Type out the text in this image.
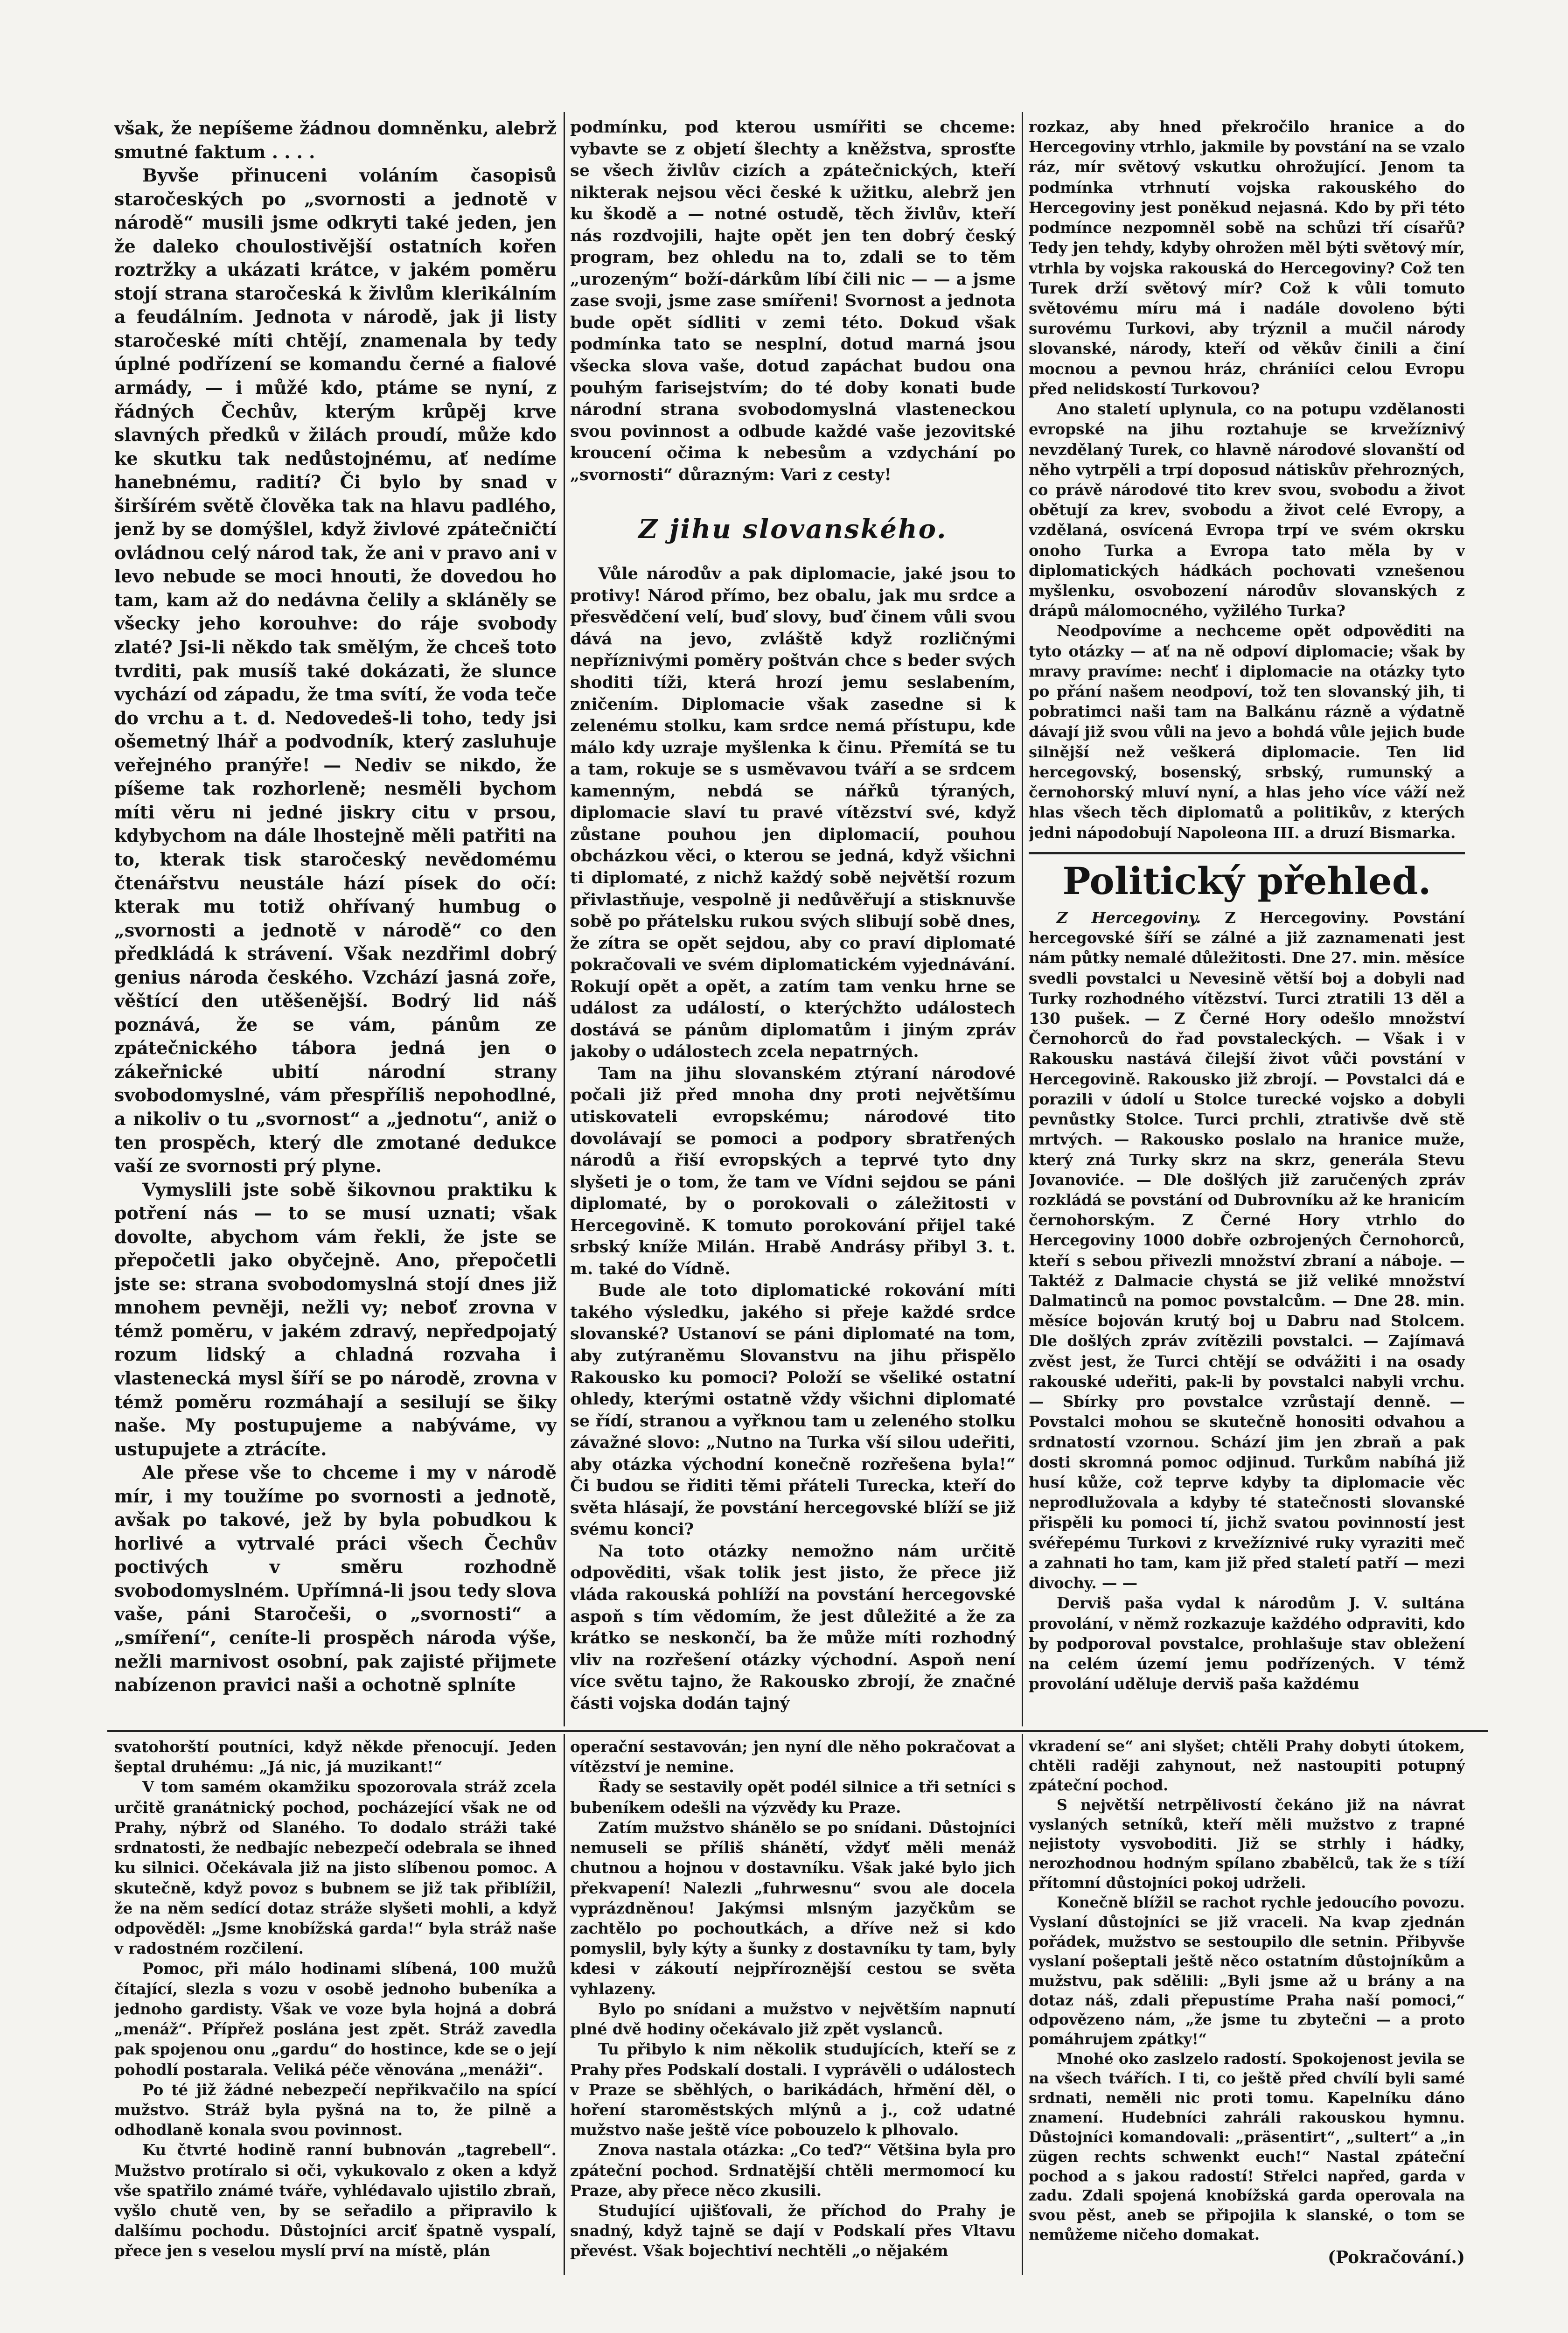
však, že nepíšeme žádnou domněnku, alebrž smutné faktum . . . .

Byvše přinuceni voláním časopisů staročeských po „svornosti a jednotě v národě“ musili jsme odkryti také jeden, jen že daleko choulostivější ostatních kořen roztržky a ukázati krátce, v jakém poměru stojí strana staročeská k živlům klerikálním a feudálním. Jednota v národě, jak ji listy staročeské míti chtějí, znamenala by tedy úplné podřízení se komandu černé a fialové armády, — i můžé kdo, ptáme se nyní, z řádných Čechův, kterým krůpěj krve slavných předků v žilách proudí, může kdo ke skutku tak nedůstojnému, ať nedíme hanebnému, radití? Či bylo by snad v širšírém světě člověka tak na hlavu padlého, jenž by se domýšlel, když živlové zpátečničtí ovládnou celý národ tak, že ani v pravo ani v levo nebude se moci hnouti, že dovedou ho tam, kam až do nedávna čelily a skláněly se všecky jeho korouhve: do ráje svobody zlaté? Jsi-li někdo tak smělým, že chceš toto tvrditi, pak musíš také dokázati, že slunce vychází od západu, že tma svítí, že voda teče do vrchu a t. d. Nedovedeš-li toho, tedy jsi ošemetný lhář a podvodník, který zasluhuje veřejného pranýře! — Nediv se nikdo, že píšeme tak rozhorleně; nesměli bychom míti věru ni jedné jiskry citu v prsou, kdybychom na dále lhostejně měli patřiti na to, kterak tisk staročeský nevědomému čtenářstvu neustále hází písek do očí: kterak mu totiž ohřívaný humbug o „svornosti a jednotě v národě“ co den předkládá k strávení. Však nezdřiml dobrý genius národa českého. Vzchází jasná zoře, věštící den utěšenější. Bodrý lid náš poznává, že se vám, pánům ze zpátečnického tábora jedná jen o zákeřnické ubití národní strany svobodomyslné, vám přespříliš nepohodlné, a nikoliv o tu „svornost“ a „jednotu“, aniž o ten prospěch, který dle zmotané dedukce vaší ze svornosti prý plyne.

Vymyslili jste sobě šikovnou praktiku k potření nás — to se musí uznati; však dovolte, abychom vám řekli, že jste se přepočetli jako obyčejně. Ano, přepočetli jste se: strana svobodomyslná stojí dnes již mnohem pevněji, nežli vy; neboť zrovna v témž poměru, v jakém zdravý, nepředpojatý rozum lidský a chladná rozvaha i vlastenecká mysl šíří se po národě, zrovna v témž poměru rozmáhají a sesilují se šiky naše. My postupujeme a nabýváme, vy ustupujete a ztrácíte.

Ale přese vše to chceme i my v národě mír, i my toužíme po svornosti a jednotě, avšak po takové, jež by byla pobudkou k horlivé a vytrvalé práci všech Čechův poctivých v směru rozhodně svobodomyslném. Upřímná-li jsou tedy slova vaše, páni Staročeši, o „svornosti“ a „smíření“, ceníte-li prospěch národa výše, nežli marnivost osobní, pak zajisté přijmete nabízenon pravici naši a ochotně splníte

podmínku, pod kterou usmířiti se chceme: vybavte se z objetí šlechty a kněžstva, sprosťte se všech živlův cizích a zpátečnických, kteří nikterak nejsou věci české k užitku, alebrž jen ku škodě a — notné ostudě, těch živlův, kteří nás rozdvojili, hajte opět jen ten dobrý český program, bez ohledu na to, zdali se to těm „urozeným“ boží-dárkům líbí čili nic — — a jsme zase svoji, jsme zase smířeni! Svornost a jednota bude opět sídliti v zemi této. Dokud však podmínka tato se nesplní, dotud marná jsou všecka slova vaše, dotud zapáchat budou ona pouhým farisejstvím; do té doby konati bude národní strana svobodomyslná vlasteneckou svou povinnost a odbude každé vaše jezovitské kroucení očima k nebesům a vzdychání po „svornosti“ důrazným: Vari z cesty!

Z jihu slovanského.

Vůle národův a pak diplomacie, jaké jsou to protivy! Národ přímo, bez obalu, jak mu srdce a přesvědčení velí, buď slovy, buď činem vůli svou dává na jevo, zvláště když rozličnými nepříznivými poměry poštván chce s beder svých shoditi tíži, která hrozí jemu seslabením, zničením. Diplomacie však zasedne si k zelenému stolku, kam srdce nemá přístupu, kde málo kdy uzraje myšlenka k činu. Přemítá se tu a tam, rokuje se s usměvavou tváří a se srdcem kamenným, nebdá se nářků týraných, diplomacie slaví tu pravé vítězství své, když zůstane pouhou jen diplomacií, pouhou obcházkou věci, o kterou se jedná, když všichni ti diplomaté, z nichž každý sobě největší rozum přivlastňuje, vespolně ji nedůvěřují a stisknuvše sobě po přátelsku rukou svých slibují sobě dnes, že zítra se opět sejdou, aby co praví diplomaté pokračovali ve svém diplomatickém vyjednávání. Rokují opět a opět, a zatím tam venku hrne se událost za událostí, o kterýchžto událostech dostává se pánům diplomatům i jiným zpráv jakoby o událostech zcela nepatrných.

Tam na jihu slovanském ztýraní národové počali již před mnoha dny proti největšímu utiskovateli evropskému; národové tito dovolávají se pomoci a podpory sbratřených národů a řiší evropských a teprvé tyto dny slyšeti je o tom, že tam ve Vídni sejdou se páni diplomaté, by o porokovali o záležitosti v Hercegovině. K tomuto porokování přijel také srbský kníže Milán. Hrabě Andrásy přibyl 3. t. m. také do Vídně.

Bude ale toto diplomatické rokování míti takého výsledku, jakého si přeje každé srdce slovanské? Ustanoví se páni diplomaté na tom, aby zutýraněmu Slovanstvu na jihu přispělo Rakousko ku pomoci? Položí se všeliké ostatní ohledy, kterými ostatně vždy všichni diplomaté se řídí, stranou a vyřknou tam u zeleného stolku závažné slovo: „Nutno na Turka vší silou udeřiti, aby otázka východní konečně rozřešena byla!“ Či budou se řiditi těmi přáteli Turecka, kteří do světa hlásají, že povstání hercegovské blíží se již svému konci?

Na toto otázky nemožno nám určitě odpověditi, však tolik jest jisto, že přece již vláda rakouská pohlíží na povstání hercegovské aspoň s tím vědomím, že jest důležité a že za krátko se neskončí, ba že může míti rozhodný vliv na rozřešení otázky východní. Aspoň není více světu tajno, že Rakousko zbrojí, že značné části vojska dodán tajný

rozkaz, aby hned překročilo hranice a do Hercegoviny vtrhlo, jakmile by povstání na se vzalo ráz, mír světový vskutku ohrožující. Jenom ta podmínka vtrhnutí vojska rakouského do Hercegoviny jest poněkud nejasná. Kdo by při této podmínce nezpomněl sobě na schůzi tří císařů? Tedy jen tehdy, kdyby ohrožen měl býti světový mír, vtrhla by vojska rakouská do Hercegoviny? Což ten Turek drží světový mír? Což k vůli tomuto světovému míru má i nadále dovoleno býti surovému Turkovi, aby trýznil a mučil národy slovanské, národy, kteří od věkův činili a činí mocnou a pevnou hráz, chrániíci celou Evropu před nelidskostí Turkovou?

Ano staletí uplynula, co na potupu vzdělanosti evropské na jihu roztahuje se krvežíznivý nevzdělaný Turek, co hlavně národové slovanští od něho vytrpěli a trpí doposud nátiskův přehrozných, co právě národové tito krev svou, svobodu a život obětují za krev, svobodu a život celé Evropy, a vzdělaná, osvícená Evropa trpí ve svém okrsku onoho Turka a Evropa tato měla by v diplomatických hádkách pochovati vznešenou myšlenku, osvobození národův slovanských z drápů málomocného, vyžilého Turka?

Neodpovíme a nechceme opět odpověditi na tyto otázky — ať na ně odpoví diplomacie; však by mravy pravíme: nechť i diplomacie na otázky tyto po přání našem neodpoví, tož ten slovanský jih, ti pobratimci naši tam na Balkánu rázně a výdatně dávají již svou vůli na jevo a bohdá vůle jejich bude silnější než veškerá diplomacie. Ten lid hercegovský, bosenský, srbský, rumunský a černohorský mluví nyní, a hlas jeho více váží než hlas všech těch diplomatů a politikův, z kterých jedni nápodobují Napoleona III. a druzí Bismarka.

Politický přehled.

Z Hercegoviny. Z Hercegoviny. Povstání hercegovské šíří se zálné a již zaznamenati jest nám půtky nemalé důležitosti. Dne 27. min. měsíce svedli povstalci u Nevesině větší boj a dobyli nad Turky rozhodného vítězství. Turci ztratili 13 děl a 130 pušek. — Z Černé Hory odešlo množství Černohorců do řad povstaleckých. — Však i v Rakousku nastává čilejší život vůči povstání v Hercegovině. Rakousko již zbrojí. — Povstalci dá e porazili v údolí u Stolce turecké vojsko a dobyli pevnůstky Stolce. Turci prchli, ztrativše dvě stě mrtvých. — Rakousko poslalo na hranice muže, který zná Turky skrz na skrz, generála Stevu Jovanoviće. — Dle došlých již zaručených zpráv rozkládá se povstání od Dubrovníku až ke hranicím černohorským. Z Černé Hory vtrhlo do Hercegoviny 1000 dobře ozbrojených Černohorců, kteří s sebou přivezli množství zbraní a náboje. — Taktéž z Dalmacie chystá se již veliké množství Dalmatinců na pomoc povstalcům. — Dne 28. min. měsíce bojován krutý boj u Dabru nad Stolcem. Dle došlých zpráv zvítězili povstalci. — Zajímavá zvěst jest, že Turci chtějí se odvážiti i na osady rakouské udeřiti, pak-li by povstalci nabyli vrchu. — Sbírky pro povstalce vzrůstají denně. — Povstalci mohou se skutečně honositi odvahou a srdnatostí vzornou. Schází jim jen zbraň a pak dosti skromná pomoc odjinud. Turkům nabíhá již husí kůže, což teprve kdyby ta diplomacie věc neprodlužovala a kdyby té statečnosti slovanské přispěli ku pomoci tí, jichž svatou povinností jest svéřepému Turkovi z krvežíznivé ruky vyraziti meč a zahnati ho tam, kam již před staletí patří — mezi divochy. — —

Derviš paša vydal k národům J. V. sultána provolání, v němž rozkazuje každého odpraviti, kdo by podporoval povstalce, prohlašuje stav obležení na celém území jemu podřízených. V témž provolání uděluje derviš paša každému

svatohorští poutníci, když někde přenocují. Jeden šeptal druhému: „Já nic, já muzikant!“

V tom samém okamžiku spozorovala stráž zcela určitě granátnický pochod, pocházející však ne od Prahy, nýbrž od Slaného. To dodalo stráži také srdnatosti, že nedbajíc nebezpečí odebrala se ihned ku silnici. Očekávala již na jisto slíbenou pomoc. A skutečně, když povoz s bubnem se již tak přiblížil, že na něm sedící dotaz stráže slyšeti mohli, a když odpověděl: „Jsme knobížská garda!“ byla stráž naše v radostném rozčilení.

Pomoc, při málo hodinami slíbená, 100 mužů čítající, slezla s vozu v osobě jednoho bubeníka a jednoho gardisty. Však ve voze byla hojná a dobrá „menáž“. Přípřež poslána jest zpět. Stráž zavedla pak spojenou onu „gardu“ do hostince, kde se o její pohodlí postarala. Veliká péče věnována „menáži“.

Po té již žádné nebezpečí nepřikvačilo na spící mužstvo. Stráž byla pyšná na to, že pilně a odhodlaně konala svou povinnost.

Ku čtvrté hodině ranní bubnován „tagrebell“. Mužstvo protíralo si oči, vykukovalo z oken a když vše spatřilo známé tváře, vyhlédavalo ujistilo zbraň, vyšlo chutě ven, by se seřadilo a připravilo k dalšímu pochodu. Důstojníci arciť špatně vyspalí, přece jen s veselou myslí prví na místě, plán

operační sestavován; jen nyní dle něho pokračovat a vítězství je nemine.

Řady se sestavily opět podél silnice a tři setníci s bubeníkem odešli na výzvědy ku Praze.

Zatím mužstvo shánělo se po snídani. Důstojníci nemuseli se příliš shánětí, vždyť měli menáž chutnou a hojnou v dostavníku. Však jaké bylo jich překvapení! Nalezli „fuhrwesnu“ svou ale docela vyprázdněnou! Jakýmsi mlsným jazyčkům se zachtělo po pochoutkách, a dříve než si kdo pomyslil, byly kýty a šunky z dostavníku ty tam, byly kdesi v zákoutí nejpříroznější cestou se světa vyhlazeny.

Bylo po snídani a mužstvo v největším napnutí plné dvě hodiny očekávalo již zpět vyslanců.

Tu přibylo k nim několik studujících, kteří se z Prahy přes Podskalí dostali. I vyprávěli o událostech v Praze se sběhlých, o barikádách, hřmění děl, o hoření staroměstských mlýnů a j., což udatné mužstvo naše ještě více pobouzelo k plhovalo.

Znova nastala otázka: „Co teď?“ Většina byla pro zpáteční pochod. Srdnatější chtěli mermomocí ku Praze, aby přece něco zkusili.

Studující ujišťovali, že příchod do Prahy je snadný, když tajně se dají v Podskalí přes Vltavu převést. Však bojechtiví nechtěli „o nějakém

vkradení se“ ani slyšet; chtěli Prahy dobyti útokem, chtěli raději zahynout, než nastoupiti potupný zpáteční pochod.

S největší netrpělivostí čekáno již na návrat vyslaných setníků, kteří měli mužstvo z trapné nejistoty vysvoboditi. Již se strhly i hádky, nerozhodnou hodným spílano zbabělců, tak že s tíží přítomní důstojníci pokoj udrželi.

Konečně blížil se rachot rychle jedoucího povozu. Vyslaní důstojníci se již vraceli. Na kvap zjednán pořádek, mužstvo se sestoupilo dle setnin. Přibyvše vyslaní pošeptali ještě něco ostatním důstojníkům a mužstvu, pak sdělili: „Byli jsme až u brány a na dotaz náš, zdali přepustíme Praha naší pomoci,“ odpovězeno nám, „že jsme tu zbytečni — a proto pomáhrujem zpátky!“

Mnohé oko zaslzelo radostí. Spokojenost jevila se na všech tvářích. I ti, co ještě před chvílí byli samé srdnati, neměli nic proti tomu. Kapelníku dáno znamení. Hudebníci zahráli rakouskou hymnu. Důstojníci komandovali: „präsentirt“, „sultert“ a „in zügen rechts schwenkt euch!“ Nastal zpáteční pochod a s jakou radostí! Střelci napřed, garda v zadu. Zdali spojená knobížská garda operovala na svou pěst, aneb se připojila k slanské, o tom se nemůžeme ničeho domakat.

(Pokračování.)
